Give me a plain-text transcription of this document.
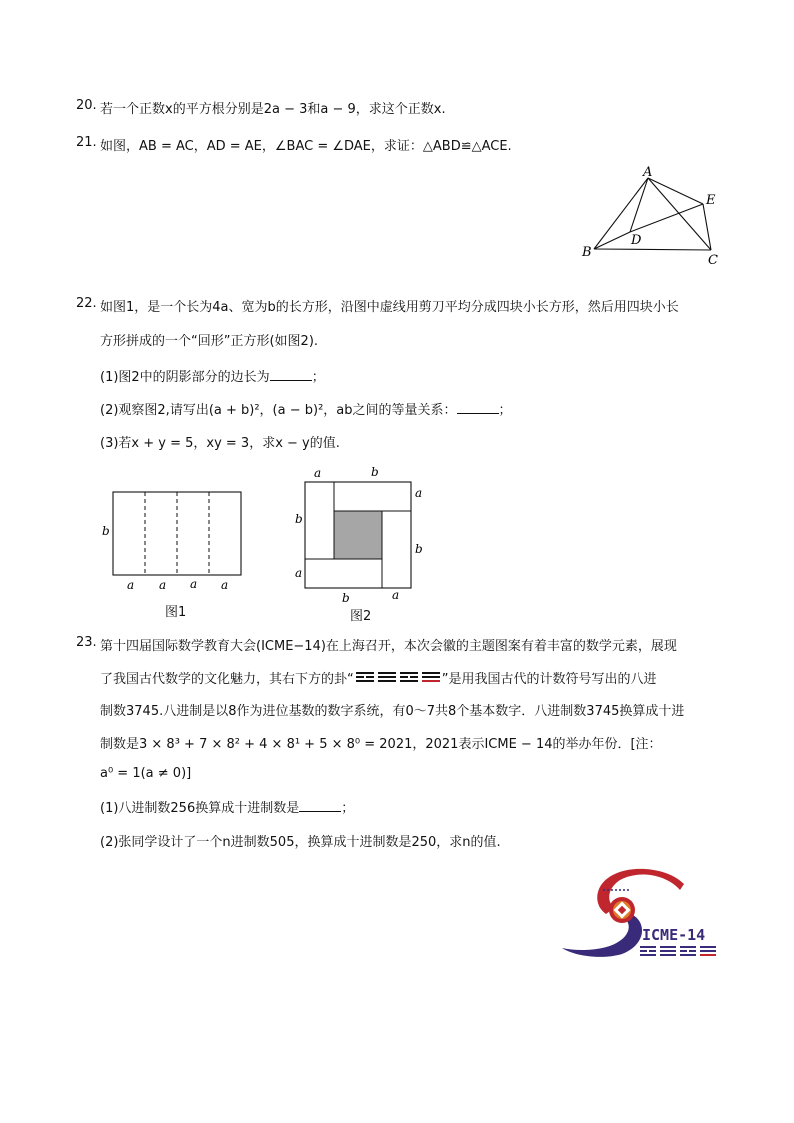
20. 若一个正数x的平方根分别是2a − 3和a − 9，求这个正数x.
21. 如图，AB = AC，AD = AE，∠BAC = ∠DAE，求证：△ABD≌△ACE.
A
B
C
D
E
22. 如图1，是一个长为4a、宽为b的长方形，沿图中虚线用剪刀平均分成四块小长方形，然后用四块小长
方形拼成的一个“回形”正方形(如图2).
(1)图2中的阴影部分的边长为	；
(2)观察图2,请写出(a + b)²，(a − b)²，ab之间的等量关系：	；
(3)若x + y = 5，xy = 3，求x − y的值.
b
a a a a
图1
a	b
a
b
b
a
b	a
图2
23. 第十四届国际数学教育大会(ICME−14)在上海召开，本次会徽的主题图案有着丰富的数学元素，展现
了我国古代数学的文化魅力，其右下方的卦“	”是用我国古代的计数符号写出的八进
制数3745.八进制是以8作为进位基数的数字系统，有0～7共8个基本数字．八进制数3745换算成十进
制数是3 × 8³ + 7 × 8² + 4 × 8¹ + 5 × 8⁰ = 2021，2021表示ICME − 14的举办年份．[注：
a⁰ = 1(a ≠ 0)]
(1)八进制数256换算成十进制数是	；
(2)张同学设计了一个n进制数505，换算成十进制数是250，求n的值.
ICME-14
